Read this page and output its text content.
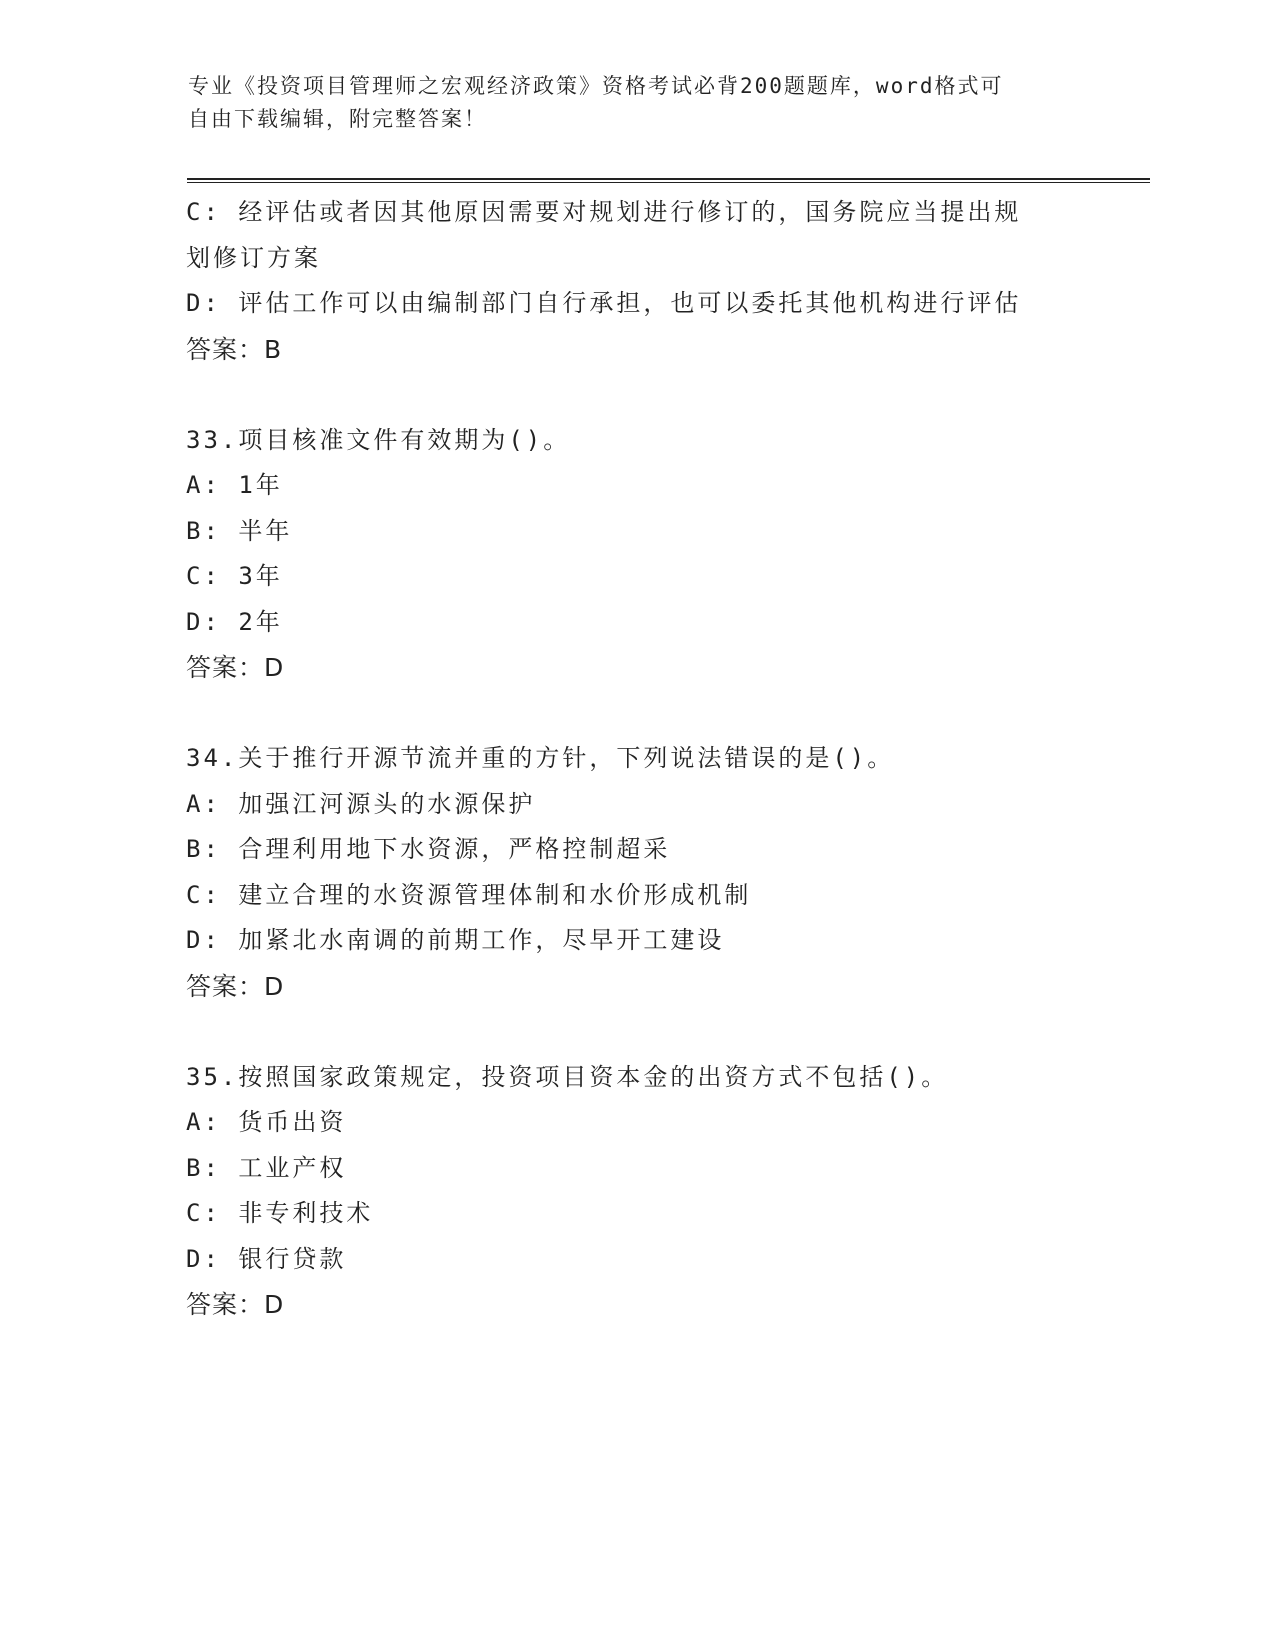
专业《投资项目管理师之宏观经济政策》资格考试必背200题题库，word格式可
自由下载编辑，附完整答案！
C: 经评估或者因其他原因需要对规划进行修订的，国务院应当提出规
划修订方案
D: 评估工作可以由编制部门自行承担，也可以委托其他机构进行评估
答案：B
33.项目核准文件有效期为()。
A: 1年
B: 半年
C: 3年
D: 2年
答案：D
34.关于推行开源节流并重的方针，下列说法错误的是()。
A: 加强江河源头的水源保护
B: 合理利用地下水资源，严格控制超采
C: 建立合理的水资源管理体制和水价形成机制
D: 加紧北水南调的前期工作，尽早开工建设
答案：D
35.按照国家政策规定，投资项目资本金的出资方式不包括()。
A: 货币出资
B: 工业产权
C: 非专利技术
D: 银行贷款
答案：D
